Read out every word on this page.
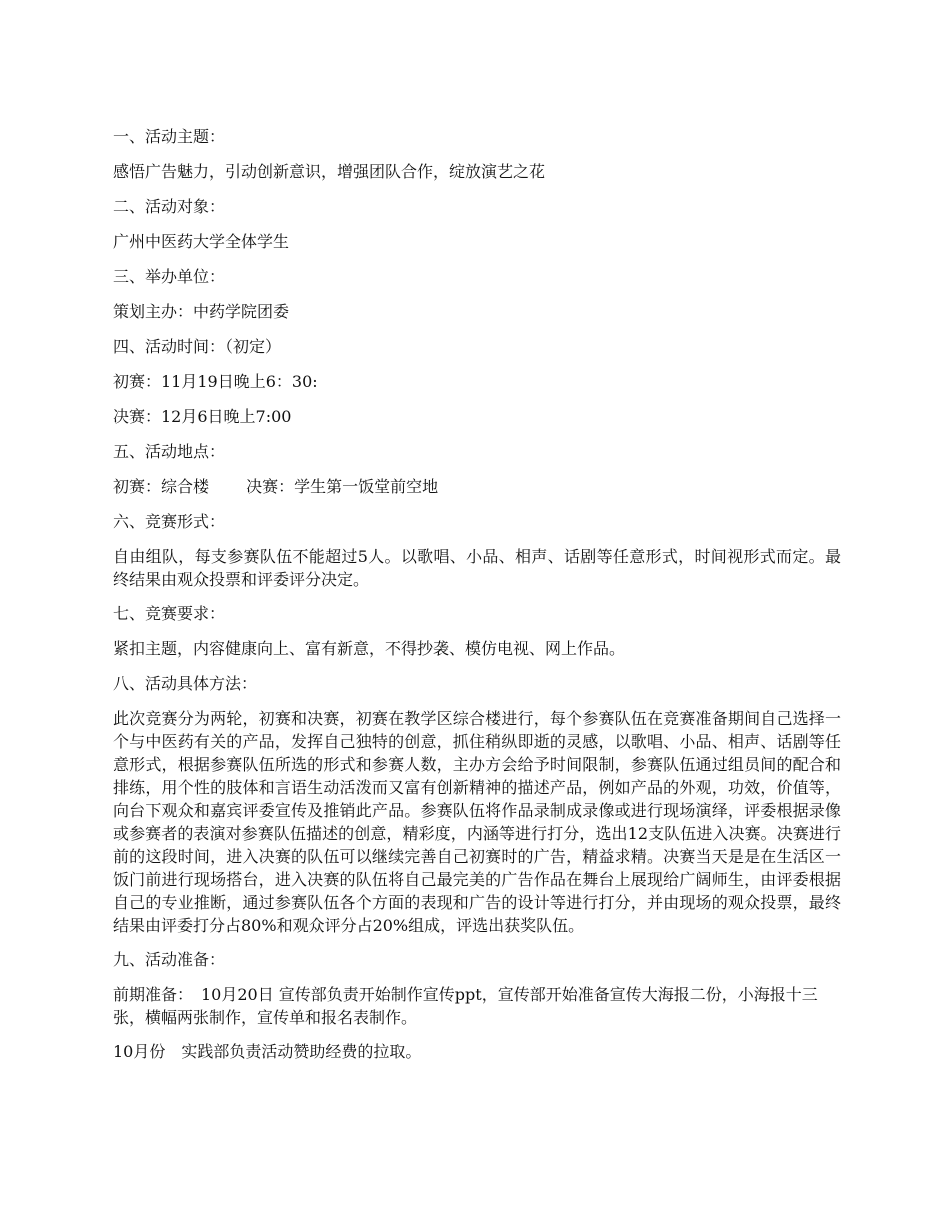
一、活动主题：

感悟广告魅力，引动创新意识，增强团队合作，绽放演艺之花

二、活动对象：

广州中医药大学全体学生

三、举办单位：

策划主办：中药学院团委

四、活动时间：（初定）

初赛：11月19日晚上6：30:

决赛：12月6日晚上7:00

五、活动地点：

初赛：综合楼　　 决赛：学生第一饭堂前空地

六、竞赛形式：

自由组队，每支参赛队伍不能超过5人。以歌唱、小品、相声、话剧等任意形式，时间视形式而定。最终结果由观众投票和评委评分决定。

七、竞赛要求：

紧扣主题，内容健康向上、富有新意，不得抄袭、模仿电视、网上作品。

八、活动具体方法：

此次竞赛分为两轮，初赛和决赛，初赛在教学区综合楼进行，每个参赛队伍在竞赛准备期间自己选择一个与中医药有关的产品，发挥自己独特的创意，抓住稍纵即逝的灵感，以歌唱、小品、相声、话剧等任意形式，根据参赛队伍所选的形式和参赛人数，主办方会给予时间限制，参赛队伍通过组员间的配合和排练，用个性的肢体和言语生动活泼而又富有创新精神的描述产品，例如产品的外观，功效，价值等，向台下观众和嘉宾评委宣传及推销此产品。参赛队伍将作品录制成录像或进行现场演绎，评委根据录像或参赛者的表演对参赛队伍描述的创意，精彩度，内涵等进行打分，选出12支队伍进入决赛。决赛进行前的这段时间，进入决赛的队伍可以继续完善自己初赛时的广告，精益求精。决赛当天是是在生活区一饭门前进行现场搭台，进入决赛的队伍将自己最完美的广告作品在舞台上展现给广阔师生，由评委根据自己的专业推断，通过参赛队伍各个方面的表现和广告的设计等进行打分，并由现场的观众投票，最终结果由评委打分占80%和观众评分占20%组成，评选出获奖队伍。

九、活动准备：

前期准备：　10月20日 宣传部负责开始制作宣传ppt，宣传部开始准备宣传大海报二份，小海报十三张，横幅两张制作，宣传单和报名表制作。

10月份　实践部负责活动赞助经费的拉取。
